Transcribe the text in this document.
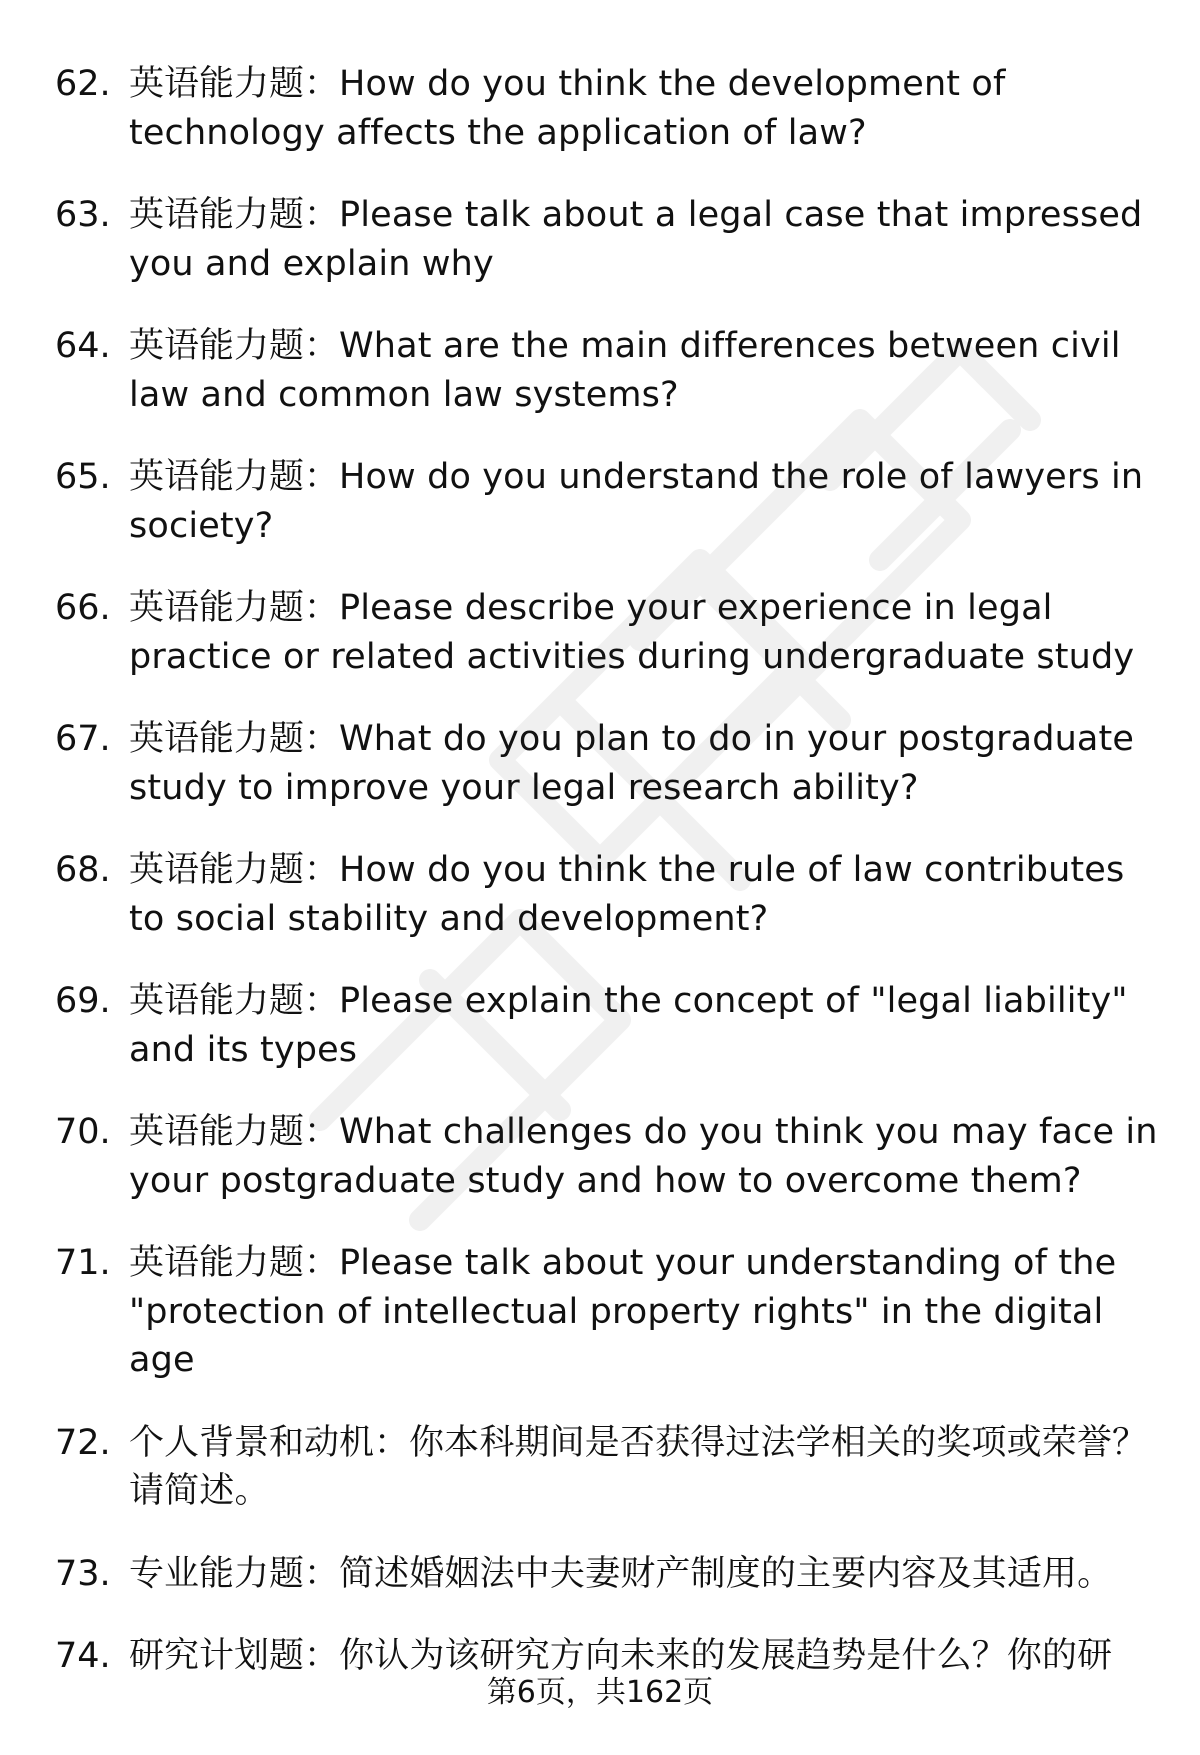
62. 英语能力题：How do you think the development of technology affects the application of law?
63. 英语能力题：Please talk about a legal case that impressed you and explain why
64. 英语能力题：What are the main differences between civil law and common law systems?
65. 英语能力题：How do you understand the role of lawyers in society?
66. 英语能力题：Please describe your experience in legal practice or related activities during undergraduate study
67. 英语能力题：What do you plan to do in your postgraduate study to improve your legal research ability?
68. 英语能力题：How do you think the rule of law contributes to social stability and development?
69. 英语能力题：Please explain the concept of "legal liability" and its types
70. 英语能力题：What challenges do you think you may face in your postgraduate study and how to overcome them?
71. 英语能力题：Please talk about your understanding of the "protection of intellectual property rights" in the digital age
72. 个人背景和动机：你本科期间是否获得过法学相关的奖项或荣誉？请简述。
73. 专业能力题：简述婚姻法中夫妻财产制度的主要内容及其适用。
74. 研究计划题：你认为该研究方向未来的发展趋势是什么？你的研
第6页，共162页
